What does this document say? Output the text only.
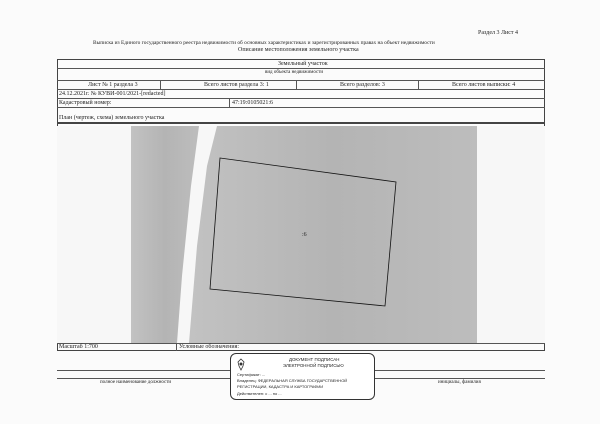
Раздел 3 Лист 4
Выписка из Единого государственного реестра недвижимости об основных характеристиках и зарегистрированных правах на объект недвижимости
Описание местоположения земельного участка
Земельный участок
вид объекта недвижимости
Лист № 1 раздела 3	Всего листов раздела 3: 1	Всего разделов: 3	Всего листов выписки: 4
24.12.2021г. № КУВИ-001/2021-[redacted]
Кадастровый номер:	47:19:0105021:6
План (чертеж, схема) земельного участка
:6
Масштаб 1:700	Условные обозначения:
полное наименование должности	инициалы, фамилия
ДОКУМЕНТ ПОДПИСАН
ЭЛЕКТРОННОЙ ПОДПИСЬЮ
Сертификат: ...
Владелец: ФЕДЕРАЛЬНАЯ СЛУЖБА ГОСУДАРСТВЕННОЙ
РЕГИСТРАЦИИ, КАДАСТРА И КАРТОГРАФИИ
Действителен: с ... по ...
